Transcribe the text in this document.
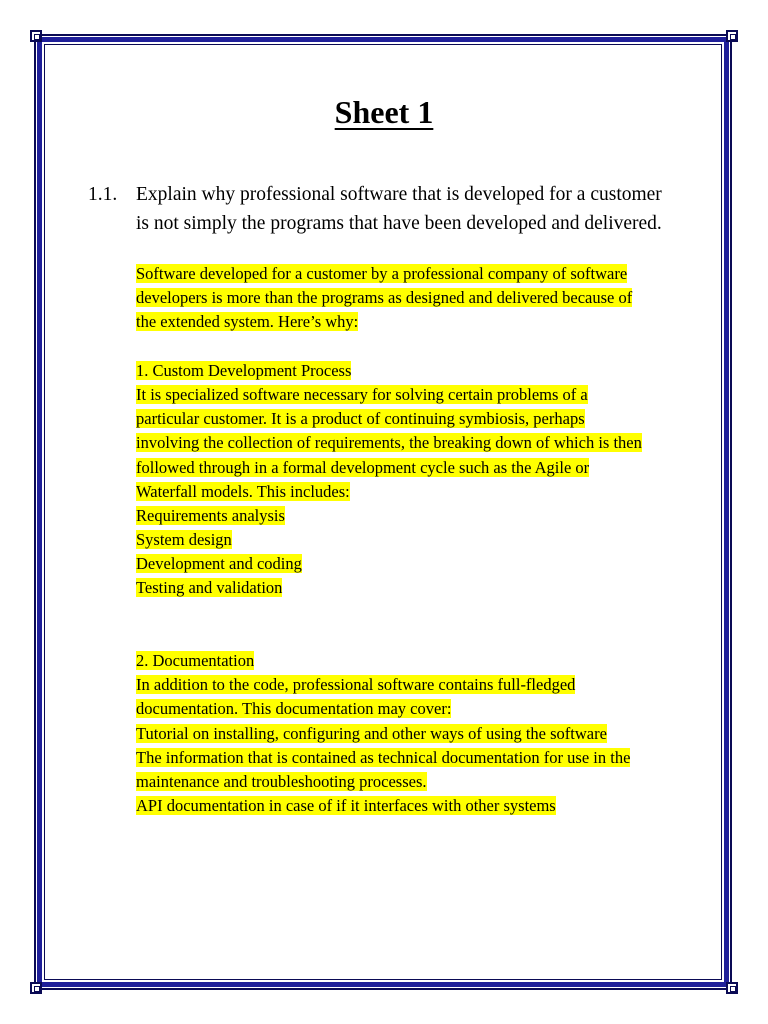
Sheet 1
1.1. Explain why professional software that is developed for a customer
is not simply the programs that have been developed and delivered.
Software developed for a customer by a professional company of software
developers is more than the programs as designed and delivered because of
the extended system. Here’s why:
1. Custom Development Process
It is specialized software necessary for solving certain problems of a
particular customer. It is a product of continuing symbiosis, perhaps
involving the collection of requirements, the breaking down of which is then
followed through in a formal development cycle such as the Agile or
Waterfall models. This includes:
Requirements analysis
System design
Development and coding
Testing and validation
2. Documentation
In addition to the code, professional software contains full-fledged
documentation. This documentation may cover:
Tutorial on installing, configuring and other ways of using the software
The information that is contained as technical documentation for use in the
maintenance and troubleshooting processes.
API documentation in case of if it interfaces with other systems
